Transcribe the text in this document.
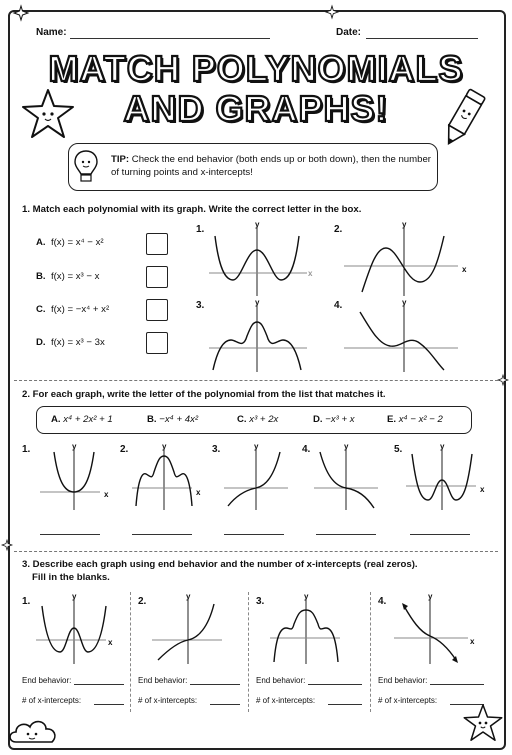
Name:	Date:
MATCH POLYNOMIALS
AND GRAPHS!
TIP: Check the end behavior (both ends up or both down), then the number of turning points and x-intercepts!
1. Match each polynomial with its graph. Write the correct letter in the box.
A. f(x) = x⁴ − x²
B. f(x) = x³ − x
C. f(x) = −x⁴ + x²
D. f(x) = x³ − 3x
1.	2.
3.	4.
y
x
y
x
y	y
2. For each graph, write the letter of the polynomial from the list that matches it.
A. x⁴ + 2x² + 1	B. −x⁴ + 4x²	C. x³ + 2x	D. −x³ + x	E. x⁴ − x² − 2
1.	2.	3.	4.	5.
y
x
y
x
y	y	y
x
3. Describe each graph using end behavior and the number of x-intercepts (real zeros).
Fill in the blanks.
1.	2.	3.	4.
y
x
y	y	y
x
End behavior:
# of x-intercepts:
End behavior:
# of x-intercepts:
End behavior:
# of x-intercepts:
End behavior:
# of x-intercepts:
